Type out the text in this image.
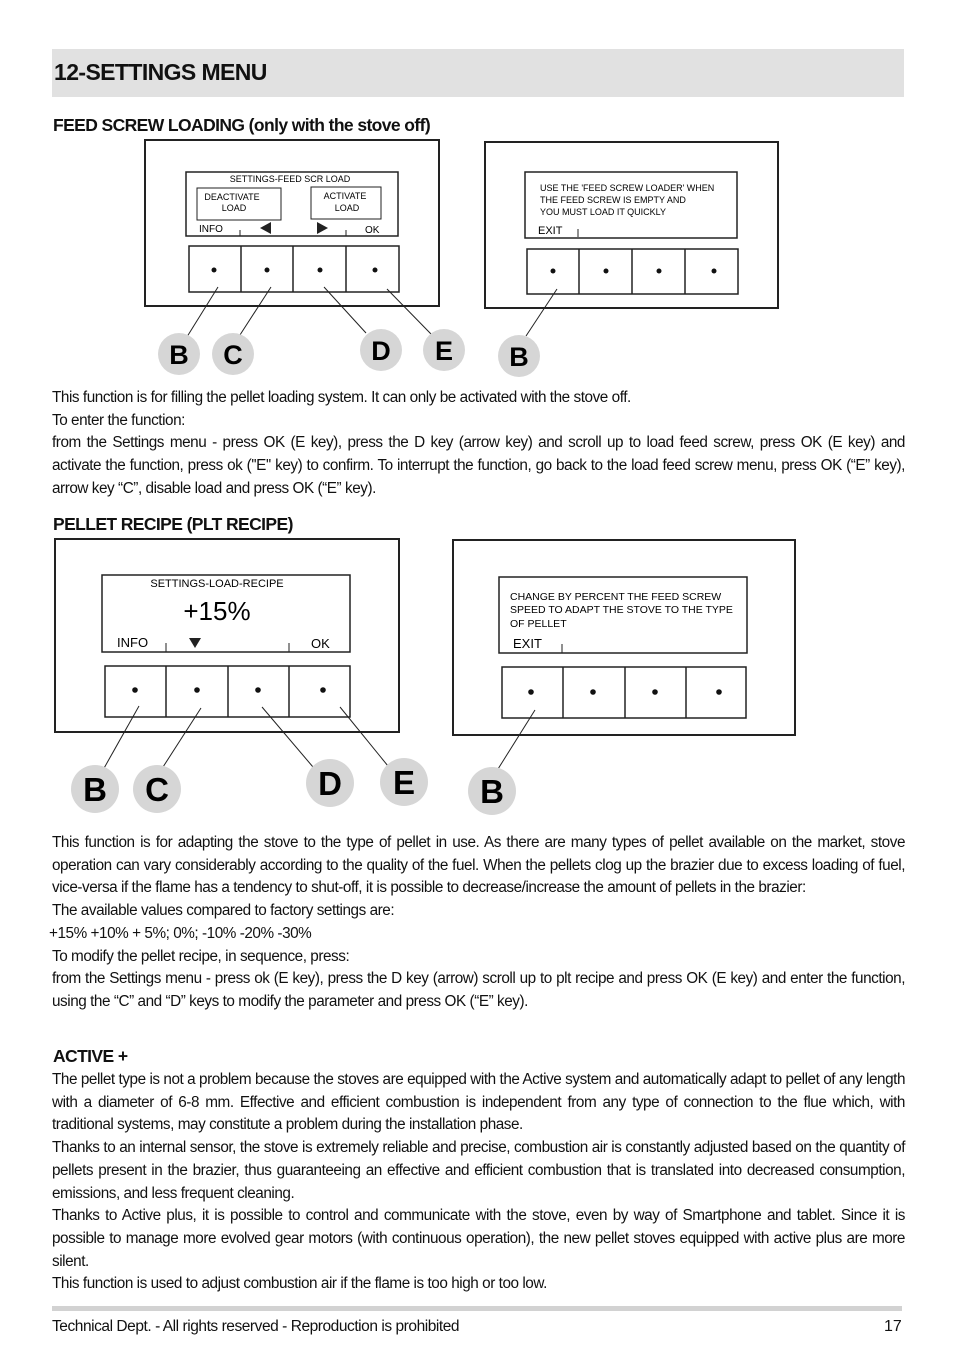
12-SETTINGS MENU
FEED SCREW LOADING (only with the stove off)
SETTINGS-FEED SCR LOAD
DEACTIVATE
LOAD
ACTIVATE
LOAD
INFO	OK
USE THE 'FEED SCREW LOADER' WHEN
THE FEED SCREW IS EMPTY AND
YOU MUST LOAD IT QUICKLY
EXIT
B C	D E B

This function is for filling the pellet loading system. It can only be activated with the stove off.

To enter the function:

from the Settings menu - press OK (E key), press the D key (arrow key) and scroll up to load feed screw, press OK (E key) and activate the function, press ok (''E'' key) to confirm. To interrupt the function, go back to the load feed screw menu, press OK (“E” key), arrow key “C”, disable load and press OK (“E” key).

PELLET RECIPE (PLT RECIPE)
SETTINGS-LOAD-RECIPE
+15%
INFO	OK
CHANGE BY PERCENT THE FEED SCREW
SPEED TO ADAPT THE STOVE TO THE TYPE
OF PELLET
EXIT
B C	D E B

This function is for adapting the stove to the type of pellet in use. As there are many types of pellet available on the market, stove operation can vary considerably according to the quality of the fuel. When the pellets clog up the brazier due to excess loading of fuel, vice-versa if the flame has a tendency to shut-off, it is possible to decrease/increase the amount of pellets in the brazier:

The available values compared to factory settings are:

+15% +10% + 5%; 0%; -10% -20% -30%

To modify the pellet recipe, in sequence, press:

from the Settings menu - press ok (E key), press the D key (arrow) scroll up to plt recipe and press OK (E key) and enter the function, using the “C” and “D” keys to modify the parameter and press OK (“E” key).

ACTIVE +

The pellet type is not a problem because the stoves are equipped with the Active system and automatically adapt to pellet of any length with a diameter of 6-8 mm. Effective and efficient combustion is independent from any type of connection to the flue which, with traditional systems, may constitute a problem during the installation phase.

Thanks to an internal sensor, the stove is extremely reliable and precise, combustion air is constantly adjusted based on the quantity of pellets present in the brazier, thus guaranteeing an effective and efficient combustion that is translated into decreased consumption, emissions, and less frequent cleaning.

Thanks to Active plus, it is possible to control and communicate with the stove, even by way of Smartphone and tablet. Since it is possible to manage more evolved gear motors (with continuous operation), the new pellet stoves equipped with active plus are more silent.

This function is used to adjust combustion air if the flame is too high or too low.

Technical Dept. - All rights reserved - Reproduction is prohibited	17
